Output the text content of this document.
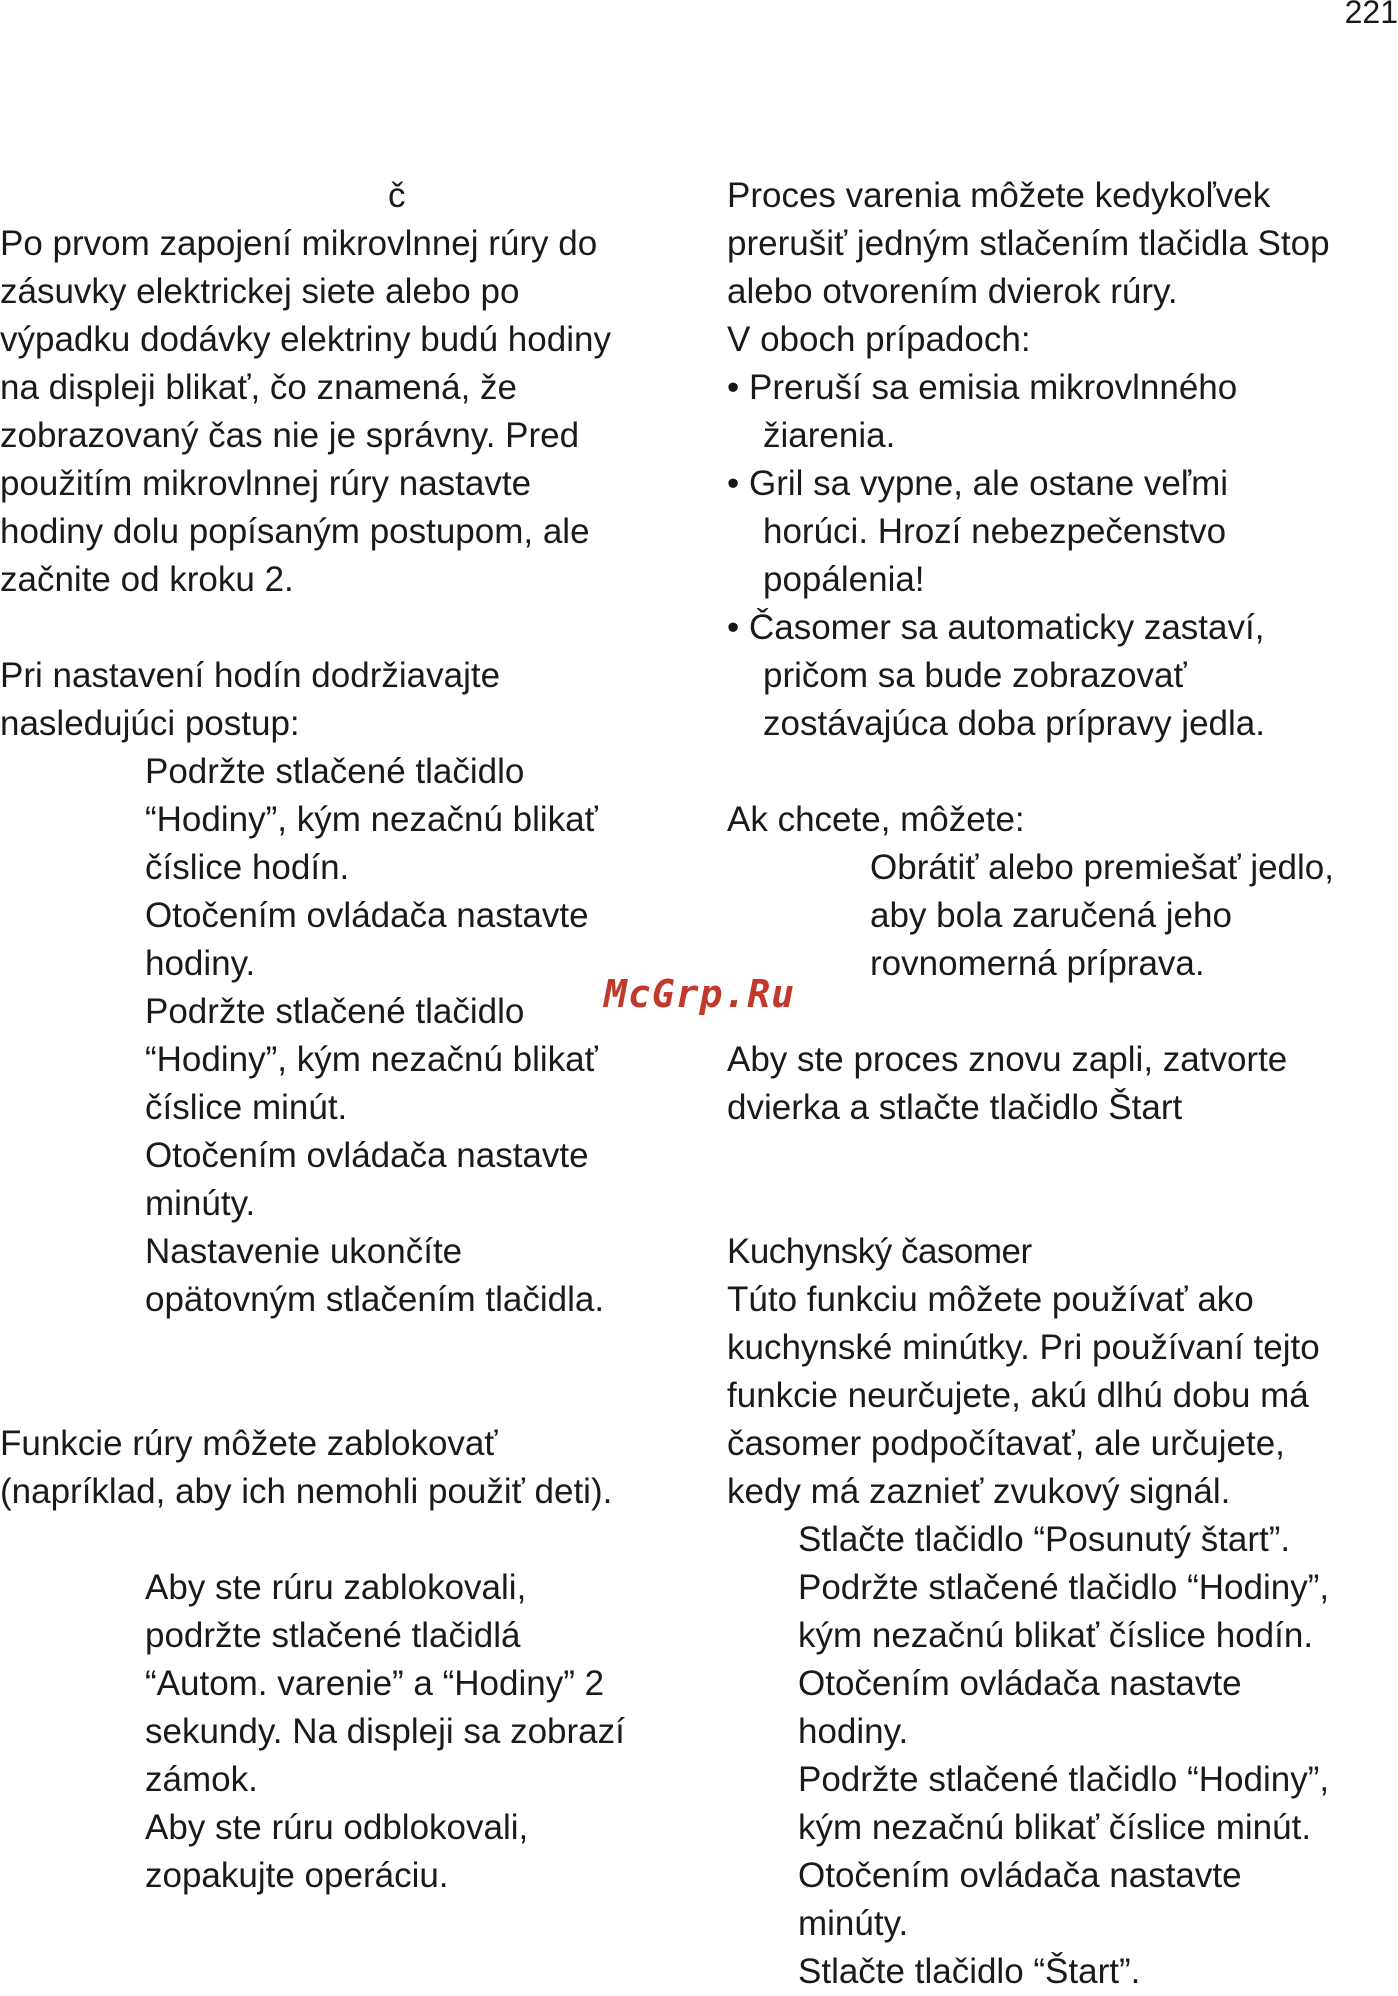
221
č
Po prvom zapojení mikrovlnnej rúry do
zásuvky elektrickej siete alebo po
výpadku dodávky elektriny budú hodiny
na displeji blikať, čo znamená, že
zobrazovaný čas nie je správny. Pred
použitím mikrovlnnej rúry nastavte
hodiny dolu popísaným postupom, ale
začnite od kroku 2.
Pri nastavení hodín dodržiavajte
nasledujúci postup:
Podržte stlačené tlačidlo
“Hodiny”, kým nezačnú blikať
číslice hodín.
Otočením ovládača nastavte
hodiny.
Podržte stlačené tlačidlo
“Hodiny”, kým nezačnú blikať
číslice minút.
Otočením ovládača nastavte
minúty.
Nastavenie ukončíte
opätovným stlačením tlačidla.
Funkcie rúry môžete zablokovať
(napríklad, aby ich nemohli použiť deti).
Aby ste rúru zablokovali,
podržte stlačené tlačidlá
“Autom. varenie” a “Hodiny” 2
sekundy. Na displeji sa zobrazí
zámok.
Aby ste rúru odblokovali,
zopakujte operáciu.
Proces varenia môžete kedykoľvek
prerušiť jedným stlačením tlačidla Stop
alebo otvorením dvierok rúry.
V oboch prípadoch:
• Preruší sa emisia mikrovlnného
žiarenia.
• Gril sa vypne, ale ostane veľmi
horúci. Hrozí nebezpečenstvo
popálenia!
• Časomer sa automaticky zastaví,
pričom sa bude zobrazovať
zostávajúca doba prípravy jedla.
Ak chcete, môžete:
Obrátiť alebo premiešať jedlo,
aby bola zaručená jeho
rovnomerná príprava.
Aby ste proces znovu zapli, zatvorte
dvierka a stlačte tlačidlo Štart
Kuchynský časomer
Túto funkciu môžete používať ako
kuchynské minútky. Pri používaní tejto
funkcie neurčujete, akú dlhú dobu má
časomer podpočítavať, ale určujete,
kedy má zaznieť zvukový signál.
Stlačte tlačidlo “Posunutý štart”.
Podržte stlačené tlačidlo “Hodiny”,
kým nezačnú blikať číslice hodín.
Otočením ovládača nastavte
hodiny.
Podržte stlačené tlačidlo “Hodiny”,
kým nezačnú blikať číslice minút.
Otočením ovládača nastavte
minúty.
Stlačte tlačidlo “Štart”.
McGrp.Ru
